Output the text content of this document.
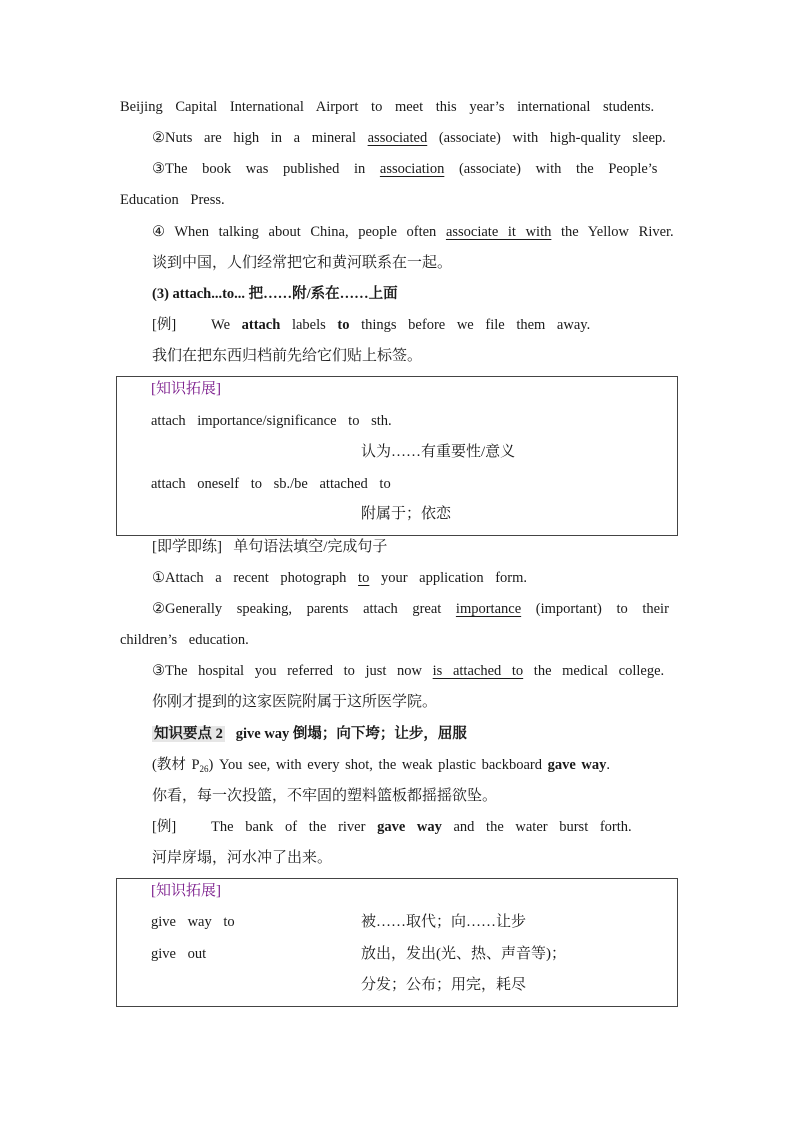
Beijing Capital International Airport to meet this year’s international students.
②Nuts are high in a mineral associated (associate) with high-quality sleep.
③The book was published in association (associate) with the People’s
Education Press.
④ When talking about China, people often associate it with the Yellow River.
谈到中国，人们经常把它和黄河联系在一起。
(3) attach...to... 把……附/系在……上面
[例] We attach labels to things before we file them away.
我们在把东西归档前先给它们贴上标签。
[知识拓展]
attach importance/significance to sth.
认为……有重要性/意义
attach oneself to sb./be attached to
附属于；依恋
[即学即练] 单句语法填空/完成句子
①Attach a recent photograph to your application form.
②Generally speaking, parents attach great importance (important) to their
children’s education.
③The hospital you referred to just now is attached to the medical college.
你刚才提到的这家医院附属于这所医学院。
知识要点 2 give way 倒塌；向下垮；让步，屈服
(教材 $P_{26}$) You see, with every shot, the weak plastic backboard gave way.
你看，每一次投篮，不牢固的塑料篮板都摇摇欲坠。
[例] The bank of the river gave way and the water burst forth.
河岸庌塌，河水冲了出来。
[知识拓展]
give way to	被……取代；向……让步
give out	放出，发出(光、热、声音等)；
分发；公布；用完，耗尽
